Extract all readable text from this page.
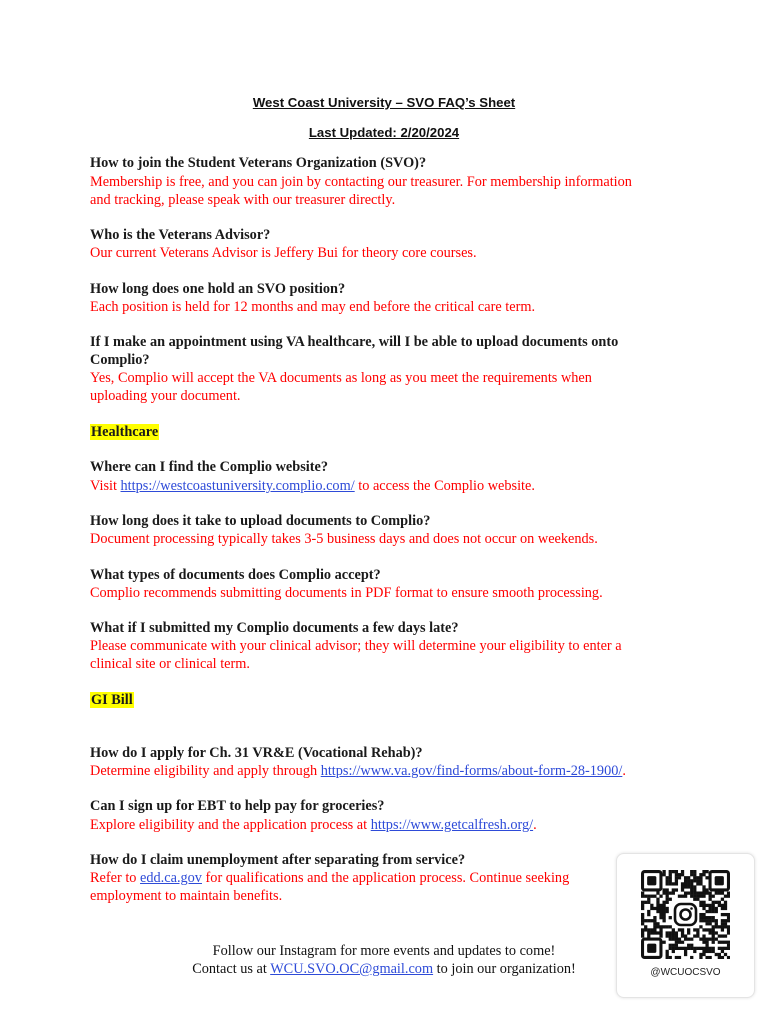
West Coast University – SVO FAQ’s Sheet
Last Updated: 2/20/2024
How to join the Student Veterans Organization (SVO)?
Membership is free, and you can join by contacting our treasurer. For membership information
and tracking, please speak with our treasurer directly.
Who is the Veterans Advisor?
Our current Veterans Advisor is Jeffery Bui for theory core courses.
How long does one hold an SVO position?
Each position is held for 12 months and may end before the critical care term.
If I make an appointment using VA healthcare, will I be able to upload documents onto
Complio?
Yes, Complio will accept the VA documents as long as you meet the requirements when
uploading your document.
Healthcare
Where can I find the Complio website?
Visit https://westcoastuniversity.complio.com/ to access the Complio website.
How long does it take to upload documents to Complio?
Document processing typically takes 3-5 business days and does not occur on weekends.
What types of documents does Complio accept?
Complio recommends submitting documents in PDF format to ensure smooth processing.
What if I submitted my Complio documents a few days late?
Please communicate with your clinical advisor; they will determine your eligibility to enter a
clinical site or clinical term.
GI Bill
How do I apply for Ch. 31 VR&E (Vocational Rehab)?
Determine eligibility and apply through https://www.va.gov/find-forms/about-form-28-1900/.
Can I sign up for EBT to help pay for groceries?
Explore eligibility and the application process at https://www.getcalfresh.org/.
How do I claim unemployment after separating from service?
Refer to edd.ca.gov for qualifications and the application process. Continue seeking
employment to maintain benefits.
Follow our Instagram for more events and updates to come!
Contact us at WCU.SVO.OC@gmail.com to join our organization!	@WCUOCSVO
